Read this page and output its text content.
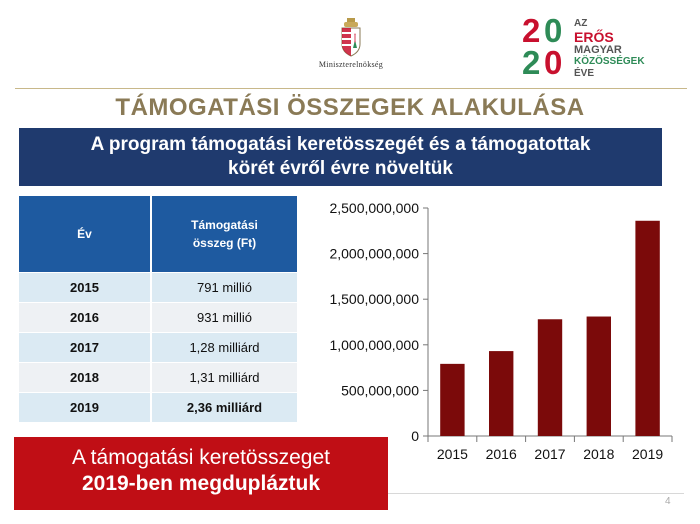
Miniszterelnökség
2 0
2 0
AZ
ERŐS
MAGYAR
KÖZÖSSÉGEK
ÉVE
TÁMOGATÁSI ÖSSZEGEK ALAKULÁSA
A program támogatási keretösszegét és a támogatottak
körét évről évre növeltük
Év	Támogatási összeg (Ft)
2015	791 millió
2016	931 millió
2017	1,28 milliárd
2018	1,31 milliárd
2019	2,36 milliárd
0
500,000,000
1,000,000,000
1,500,000,000
2,000,000,000
2,500,000,000
2015 2016 2017 2018 2019
A támogatási keretösszeget
2019-ben megdupláztuk
4
